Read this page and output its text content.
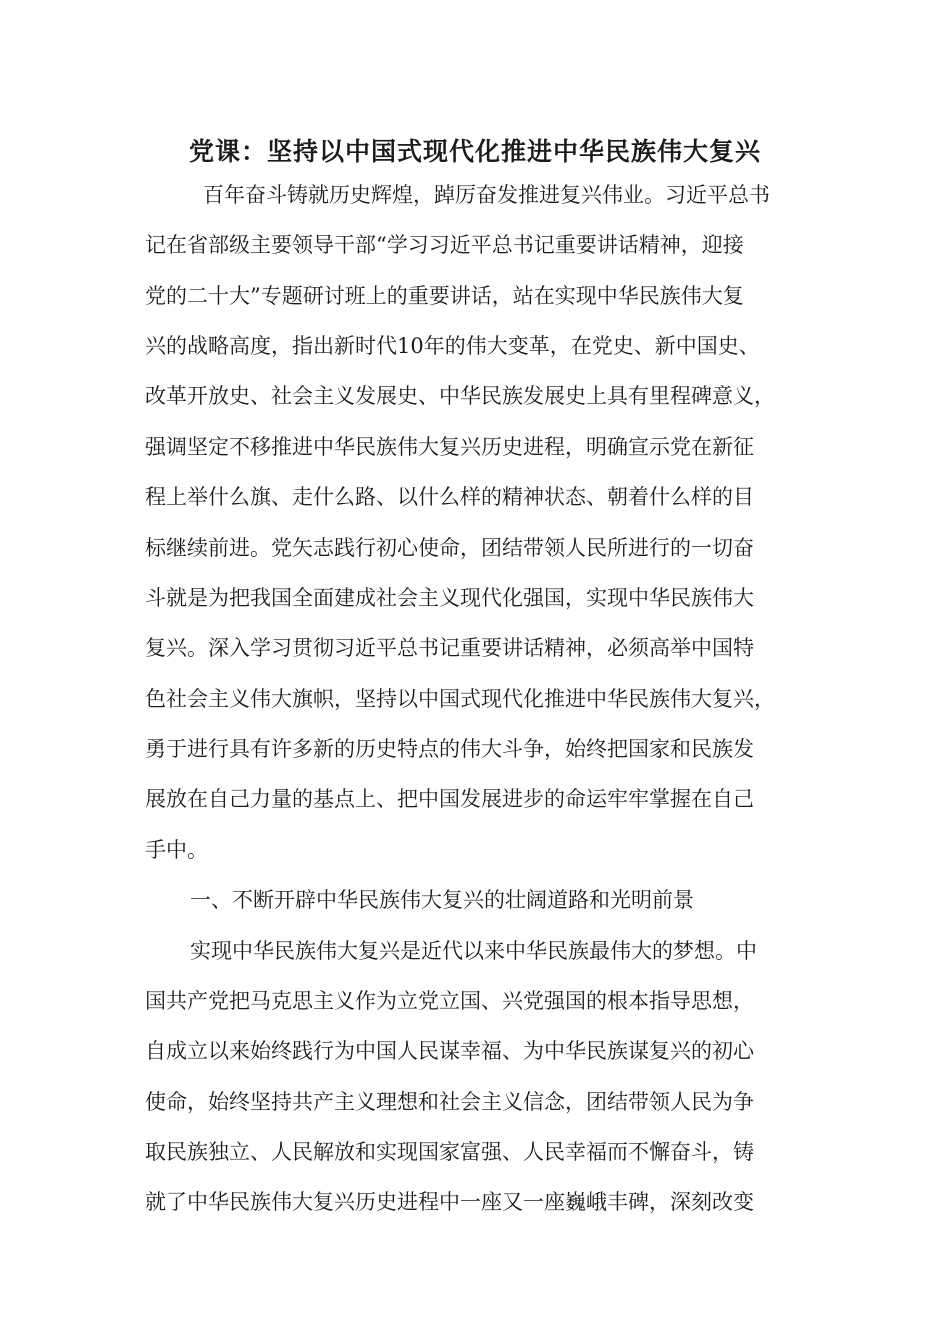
党课：坚持以中国式现代化推进中华民族伟大复兴

百年奋斗铸就历史辉煌，踔厉奋发推进复兴伟业。习近平总书

记在省部级主要领导干部“学习习近平总书记重要讲话精神，迎接

党的二十大”专题研讨班上的重要讲话，站在实现中华民族伟大复

兴的战略高度，指出新时代10年的伟大变革，在党史、新中国史、

改革开放史、社会主义发展史、中华民族发展史上具有里程碑意义，

强调坚定不移推进中华民族伟大复兴历史进程，明确宣示党在新征

程上举什么旗、走什么路、以什么样的精神状态、朝着什么样的目

标继续前进。党矢志践行初心使命，团结带领人民所进行的一切奋

斗就是为把我国全面建成社会主义现代化强国，实现中华民族伟大

复兴。深入学习贯彻习近平总书记重要讲话精神，必须高举中国特

色社会主义伟大旗帜，坚持以中国式现代化推进中华民族伟大复兴，

勇于进行具有许多新的历史特点的伟大斗争，始终把国家和民族发

展放在自己力量的基点上、把中国发展进步的命运牢牢掌握在自己

手中。

一、不断开辟中华民族伟大复兴的壮阔道路和光明前景

实现中华民族伟大复兴是近代以来中华民族最伟大的梦想。中

国共产党把马克思主义作为立党立国、兴党强国的根本指导思想，

自成立以来始终践行为中国人民谋幸福、为中华民族谋复兴的初心

使命，始终坚持共产主义理想和社会主义信念，团结带领人民为争

取民族独立、人民解放和实现国家富强、人民幸福而不懈奋斗，铸

就了中华民族伟大复兴历史进程中一座又一座巍峨丰碑，深刻改变
